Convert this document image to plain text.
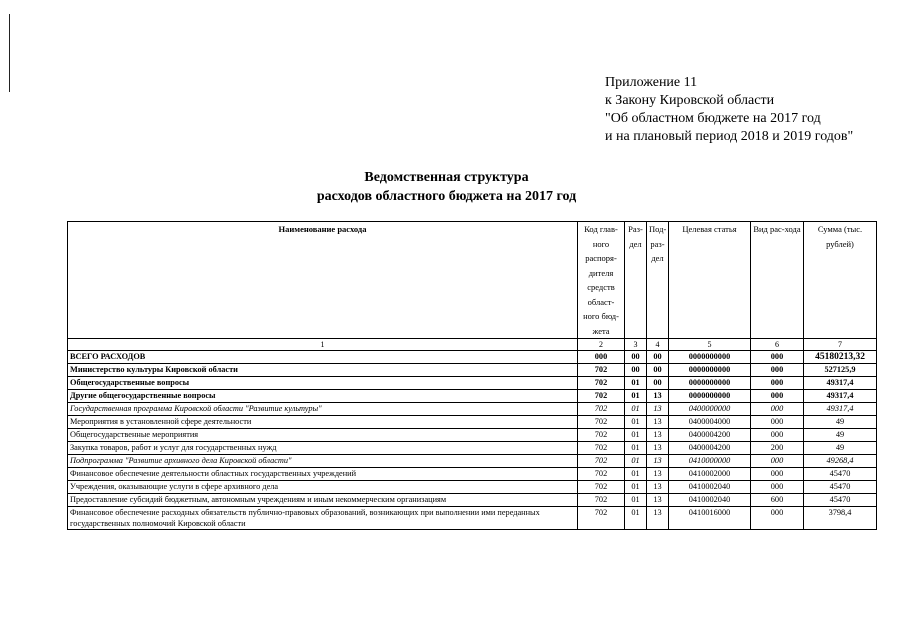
Приложение 11
к Закону Кировской области
"Об областном бюджете на 2017 год
и на плановый период 2018 и 2019 годов"
Ведомственная структура
расходов областного бюджета на 2017 год
Наименование расхода	Код глав-ного распоря-дителя средств област-ного бюд-жета	Раз-дел	Под-раз-дел	Целевая статья	Вид рас-хода	Сумма (тыс. рублей)
1	2	3	4	5	6	7
ВСЕГО РАСХОДОВ	000	00	00	0000000000	000	45180213,32
Министерство культуры Кировской области	702	00	00	0000000000	000	527125,9
Общегосударственные вопросы	702	01	00	0000000000	000	49317,4
Другие общегосударственные вопросы	702	01	13	0000000000	000	49317,4
Государственная программа Кировской области "Развитие культуры"	702	01	13	0400000000	000	49317,4
Мероприятия в установленной сфере деятельности	702	01	13	0400004000	000	49
Общегосударственные мероприятия	702	01	13	0400004200	000	49
Закупка товаров, работ и услуг для государственных нужд	702	01	13	0400004200	200	49
Подпрограмма "Развитие архивного дела Кировской области"	702	01	13	0410000000	000	49268,4
Финансовое обеспечение деятельности областных государственных учреждений	702	01	13	0410002000	000	45470
Учреждения, оказывающие услуги в сфере архивного дела	702	01	13	0410002040	000	45470
Предоставление субсидий бюджетным, автономным учреждениям и иным некоммерческим организациям	702	01	13	0410002040	600	45470
Финансовое обеспечение расходных обязательств публично-правовых образований, возникающих при выполнении ими переданных государственных полномочий Кировской области	702	01	13	0410016000	000	3798,4
